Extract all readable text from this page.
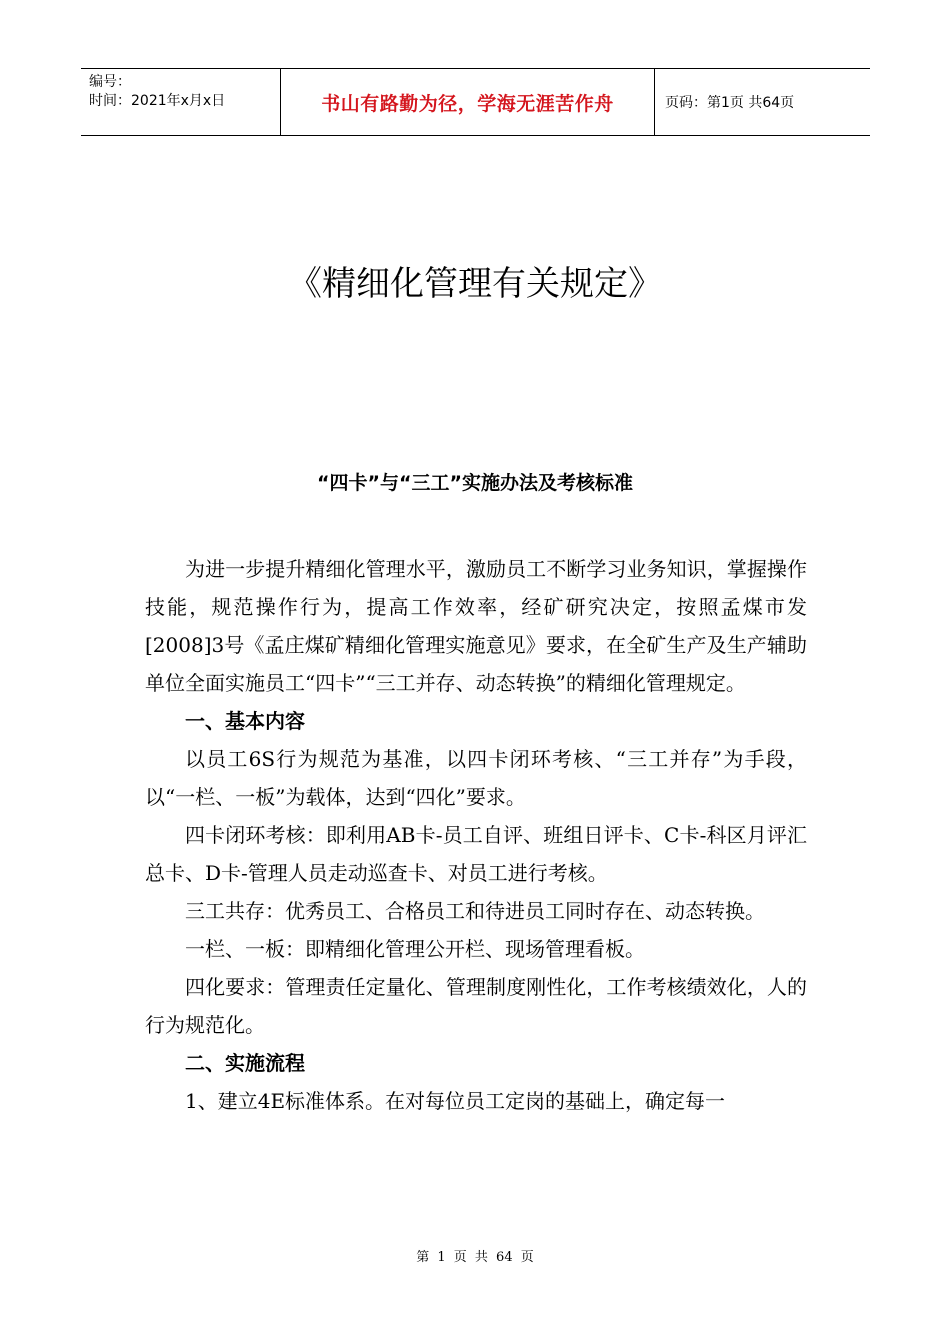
编号：
时间：2021年x月x日	书山有路勤为径，学海无涯苦作舟	页码：第1页 共64页
《精细化管理有关规定》
“四卡”与“三工”实施办法及考核标准

为进一步提升精细化管理水平，激励员工不断学习业务知识，掌握操作技能，规范操作行为，提高工作效率，经矿研究决定，按照孟煤市发[2008]3号《孟庄煤矿精细化管理实施意见》要求，在全矿生产及生产辅助单位全面实施员工“四卡”“三工并存、动态转换”的精细化管理规定。

一、基本内容

以员工6S行为规范为基准，以四卡闭环考核、“三工并存”为手段，以“一栏、一板”为载体，达到“四化”要求。

四卡闭环考核：即利用AB卡-员工自评、班组日评卡、C卡-科区月评汇总卡、D卡-管理人员走动巡查卡、对员工进行考核。

三工共存：优秀员工、合格员工和待进员工同时存在、动态转换。

一栏、一板：即精细化管理公开栏、现场管理看板。

四化要求：管理责任定量化、管理制度刚性化，工作考核绩效化，人的行为规范化。

二、实施流程

1、建立4E标准体系。在对每位员工定岗的基础上，确定每一

第 1 页 共 64 页
